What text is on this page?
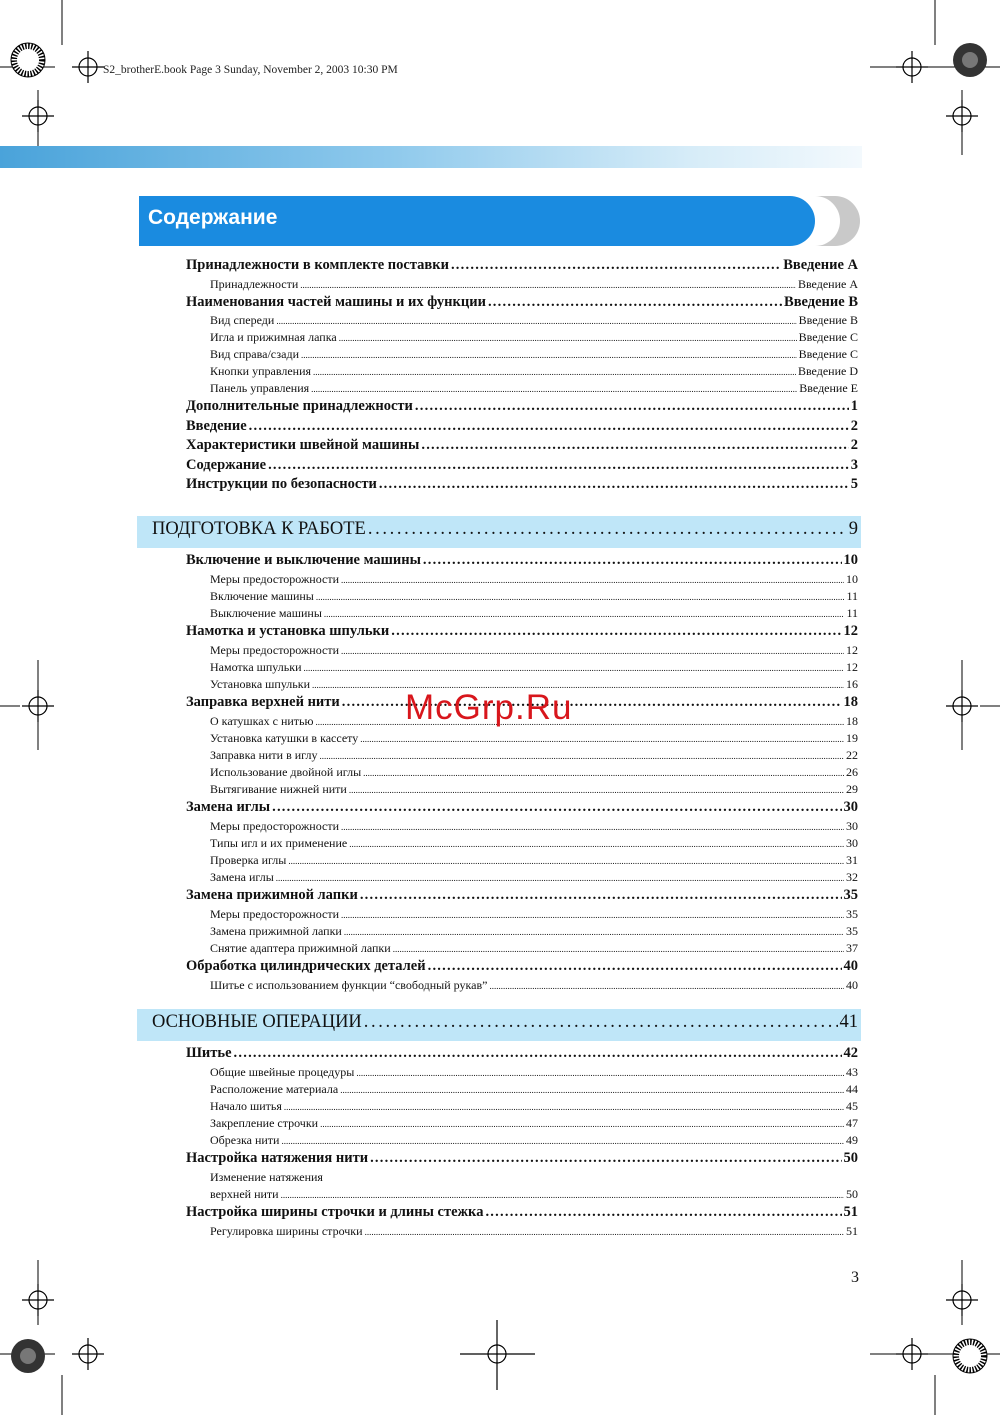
S2_brotherE.book Page 3 Sunday, November 2, 2003 10:30 PM
Содержание
Принадлежности в комплекте поставки . . .	Введение A
Принадлежности .....	Введение A
Наименования частей машины и их функции . . .	Введение B
Вид спереди .....	Введение B
Игла и прижимная лапка .....	Введение C
Вид справа/сзади .....	Введение C
Кнопки управления .....	Введение D
Панель управления .....	Введение E
Дополнительные принадлежности . . .	1
Введение . . .	2
Характеристики швейной машины . . .	2
Содержание . . .	3
Инструкции по безопасности . . .	5
ПОДГОТОВКА К РАБОТЕ . . .	9
Включение и выключение машины . . .	10
Меры предосторожности .....	10
Включение машины .....	11
Выключение машины .....	11
Намотка и установка шпульки . . .	12
Меры предосторожности .....	12
Намотка шпульки .....	12
Установка шпульки .....	16
Заправка верхней нити . . .	18
О катушках с нитью .....	18
Установка катушки в кассету .....	19
Заправка нити в иглу .....	22
Использование двойной иглы .....	26
Вытягивание нижней нити .....	29
Замена иглы . . .	30
Меры предосторожности .....	30
Типы игл и их применение .....	30
Проверка иглы .....	31
Замена иглы .....	32
Замена прижимной лапки . . .	35
Меры предосторожности .....	35
Замена прижимной лапки .....	35
Снятие адаптера прижимной лапки .....	37
Обработка цилиндрических деталей . . .	40
Шитье с использованием функции “свободный рукав” .....	40
ОСНОВНЫЕ ОПЕРАЦИИ . . .	41
Шитье . . .	42
Общие швейные процедуры .....	43
Расположение материала .....	44
Начало шитья .....	45
Закрепление строчки .....	47
Обрезка нити .....	49
Настройка натяжения нити . . .	50
Изменение натяжения
верхней нити .....	50
Настройка ширины строчки и длины стежка . . .	51
Регулировка ширины строчки .....	51
McGrp.Ru
3
